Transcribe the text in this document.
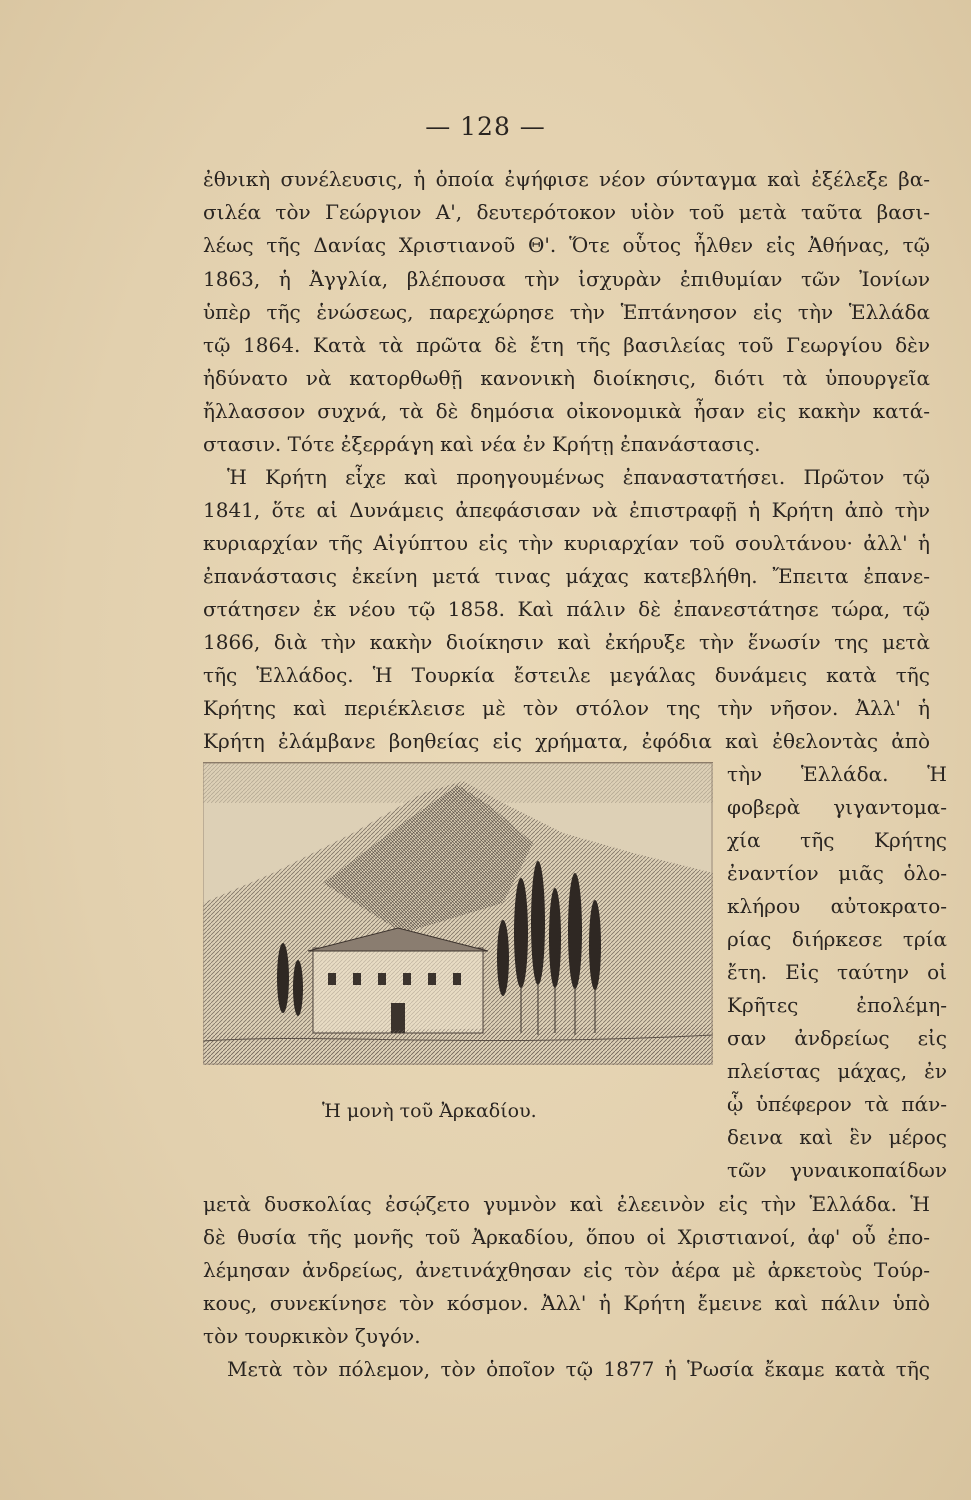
— 128 —
ἐθνικὴ συνέλευσις, ἡ ὁποία ἐψήφισε νέον σύνταγμα καὶ ἐξέλεξε βα-
σιλέα τὸν Γεώργιον Α', δευτερότοκον υἱὸν τοῦ μετὰ ταῦτα βασι-
λέως τῆς Δανίας Χριστιανοῦ Θ'. Ὅτε οὗτος ἦλθεν εἰς Ἀθήνας, τῷ
1863, ἡ Ἀγγλία, βλέπουσα τὴν ἰσχυρὰν ἐπιθυμίαν τῶν Ἰονίων
ὑπὲρ τῆς ἑνώσεως, παρεχώρησε τὴν Ἑπτάνησον εἰς τὴν Ἑλλάδα
τῷ 1864. Κατὰ τὰ πρῶτα δὲ ἔτη τῆς βασιλείας τοῦ Γεωργίου δὲν
ἠδύνατο νὰ κατορθωθῇ κανονικὴ διοίκησις, διότι τὰ ὑπουργεῖα
ἤλλασσον συχνά, τὰ δὲ δημόσια οἰκονομικὰ ἦσαν εἰς κακὴν κατά-
στασιν. Τότε ἐξερράγη καὶ νέα ἐν Κρήτῃ ἐπανάστασις.
Ἡ Κρήτη εἶχε καὶ προηγουμένως ἐπαναστατήσει. Πρῶτον τῷ
1841, ὅτε αἱ Δυνάμεις ἀπεφάσισαν νὰ ἐπιστραφῇ ἡ Κρήτη ἀπὸ τὴν
κυριαρχίαν τῆς Αἰγύπτου εἰς τὴν κυριαρχίαν τοῦ σουλτάνου· ἀλλ' ἡ
ἐπανάστασις ἐκείνη μετά τινας μάχας κατεβλήθη. Ἔπειτα ἐπανε-
στάτησεν ἐκ νέου τῷ 1858. Καὶ πάλιν δὲ ἐπανεστάτησε τώρα, τῷ
1866, διὰ τὴν κακὴν διοίκησιν καὶ ἐκήρυξε τὴν ἕνωσίν της μετὰ
τῆς Ἑλλάδος. Ἡ Τουρκία ἔστειλε μεγάλας δυνάμεις κατὰ τῆς
Κρήτης καὶ περιέκλεισε μὲ τὸν στόλον της τὴν νῆσον. Ἀλλ' ἡ
Κρήτη ἐλάμβανε βοηθείας εἰς χρήματα, ἐφόδια καὶ ἐθελοντὰς ἀπὸ
τὴν Ἑλλάδα. Ἡ
φοβερὰ γιγαντομα-
χία τῆς Κρήτης
ἐναντίον μιᾶς ὁλο-
κλήρου αὐτοκρατο-
ρίας διήρκεσε τρία
ἔτη. Εἰς ταύτην οἱ
Κρῆτες ἐπολέμη-
σαν ἀνδρείως εἰς
πλείστας μάχας, ἐν
ᾧ ὑπέφερον τὰ πάν-
δεινα καὶ ἓν μέρος
τῶν γυναικοπαίδων
Ἡ μονὴ τοῦ Ἀρκαδίου.
μετὰ δυσκολίας ἐσῴζετο γυμνὸν καὶ ἐλεεινὸν εἰς τὴν Ἑλλάδα. Ἡ
δὲ θυσία τῆς μονῆς τοῦ Ἀρκαδίου, ὅπου οἱ Χριστιανοί, ἀφ' οὗ ἐπο-
λέμησαν ἀνδρείως, ἀνετινάχθησαν εἰς τὸν ἀέρα μὲ ἀρκετοὺς Τούρ-
κους, συνεκίνησε τὸν κόσμον. Ἀλλ' ἡ Κρήτη ἔμεινε καὶ πάλιν ὑπὸ
τὸν τουρκικὸν ζυγόν.
Μετὰ τὸν πόλεμον, τὸν ὁποῖον τῷ 1877 ἡ Ῥωσία ἔκαμε κατὰ τῆς
